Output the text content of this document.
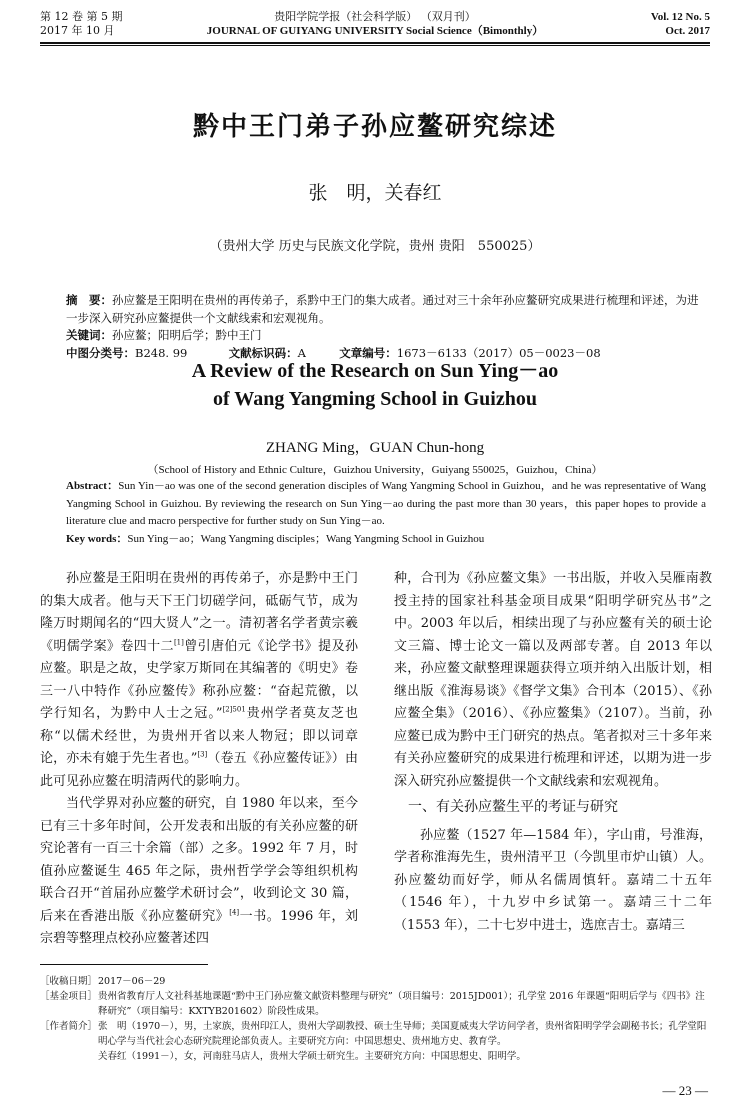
第 12 卷 第 5 期
2017 年 10 月
贵阳学院学报（社会科学版） （双月刊）
JOURNAL OF GUIYANG UNIVERSITY Social Science（Bimonthly）
Vol. 12 No. 5
Oct. 2017
黔中王门弟子孙应鳌研究综述
张　明，关春红
（贵州大学 历史与民族文化学院，贵州 贵阳　550025）
摘　要：孙应鳌是王阳明在贵州的再传弟子，系黔中王门的集大成者。通过对三十余年孙应鳌研究成果进行梳理和评述，为进一步深入研究孙应鳌提供一个文献线索和宏观视角。
关键词：孙应鳌；阳明后学；黔中王门
中图分类号：B248. 99	文献标识码：A	文章编号：1673－6133（2017）05－0023－08
A Review of the Research on Sun Ying－ao
of Wang Yangming School in Guizhou
ZHANG Ming，GUAN Chun-hong
（School of History and Ethnic Culture，Guizhou University，Guiyang 550025，Guizhou，China）
Abstract：Sun Yin－ao was one of the second generation disciples of Wang Yangming School in Guizhou，and he was representative of Wang Yangming School in Guizhou. By reviewing the research on Sun Ying－ao during the past more than 30 years，this paper hopes to provide a literature clue and macro perspective for further study on Sun Ying－ao.
Key words：Sun Ying－ao；Wang Yangming disciples；Wang Yangming School in Guizhou

孙应鳌是王阳明在贵州的再传弟子，亦是黔中王门的集大成者。他与天下王门切磋学问，砥砺气节，成为隆万时期闻名的“四大贤人”之一。清初著名学者黄宗羲《明儒学案》卷四十二[1]曾引唐伯元《论学书》提及孙应鳌。职是之故，史学家万斯同在其编著的《明史》卷三一八中特作《孙应鳌传》称孙应鳌：“奋起荒徼，以学行知名，为黔中人士之冠。”$^{[2]501}$贵州学者莫友芝也称“以儒术经世，为贵州开省以来人物冠；即以词章论，亦未有媲于先生者也。”[3]（卷五《孙应鳌传证》）由此可见孙应鳌在明清两代的影响力。

当代学界对孙应鳌的研究，自 1980 年以来，至今已有三十多年时间，公开发表和出版的有关孙应鳌的研究论著有一百三十余篇（部）之多。1992 年 7 月，时值孙应鳌诞生 465 年之际，贵州哲学学会等组织机构联合召开“首届孙应鳌学术研讨会”，收到论文 30 篇，后来在香港出版《孙应鳌研究》[4]一书。1996 年，刘宗碧等整理点校孙应鳌著述四

种，合刊为《孙应鳌文集》一书出版，并收入吴雁南教授主持的国家社科基金项目成果“阳明学研究丛书”之中。2003 年以后，相续出现了与孙应鳌有关的硕士论文三篇、博士论文一篇以及两部专著。自 2013 年以来，孙应鳌文献整理课题获得立项并纳入出版计划，相继出版《淮海易谈》《督学文集》合刊本（2015）、《孙应鳌全集》（2016）、《孙应鳌集》（2107）。当前，孙应鳌已成为黔中王门研究的热点。笔者拟对三十多年来有关孙应鳌研究的成果进行梳理和评述，以期为进一步深入研究孙应鳌提供一个文献线索和宏观视角。

一、有关孙应鳌生平的考证与研究

孙应鳌（1527 年—1584 年），字山甫，号淮海，学者称淮海先生，贵州清平卫（今凯里市炉山镇）人。孙应鳌幼而好学，师从名儒周慎轩。嘉靖二十五年（1546 年），十九岁中乡试第一。嘉靖三十二年（1553 年），二十七岁中进士，选庶吉士。嘉靖三

［收稿日期］ 2017－06－29
［基金项目］ 贵州省教育厅人文社科基地课题“黔中王门孙应鳌文献资料整理与研究”（项目编号：2015JD001）；孔学堂 2016 年课题“阳明后学与《四书》注释研究”（项目编号：KXTYB201602）阶段性成果。
［作者简介］ 张　明（1970－），男，土家族，贵州印江人，贵州大学副教授、硕士生导师；美国夏威夷大学访问学者，贵州省阳明学学会副秘书长；孔学堂阳明心学与当代社会心态研究院理论部负责人。主要研究方向：中国思想史、贵州地方史、教育学。
关春红（1991－），女，河南驻马店人，贵州大学硕士研究生。主要研究方向：中国思想史、阳明学。
— 23 —
